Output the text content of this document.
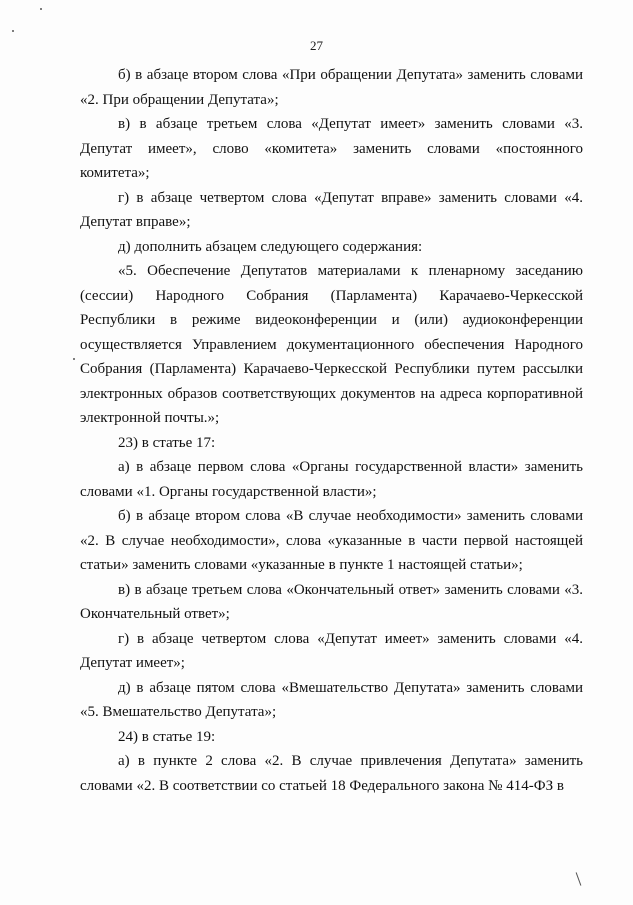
27

б) в абзаце втором слова «При обращении Депутата» заменить словами «2. При обращении Депутата»;

в) в абзаце третьем слова «Депутат имеет» заменить словами «3. Депутат имеет», слово «комитета» заменить словами «постоянного комитета»;

г) в абзаце четвертом слова «Депутат вправе» заменить словами «4. Депутат вправе»;

д) дополнить абзацем следующего содержания:

«5. Обеспечение Депутатов материалами к пленарному заседанию (сессии) Народного Собрания (Парламента) Карачаево-Черкесской Республики в режиме видеоконференции и (или) аудиоконференции осуществляется Управлением документационного обеспечения Народного Собрания (Парламента) Карачаево-Черкесской Республики путем рассылки электронных образов соответствующих документов на адреса корпоративной электронной почты.»;

23) в статье 17:

а) в абзаце первом слова «Органы государственной власти» заменить словами «1. Органы государственной власти»;

б) в абзаце втором слова «В случае необходимости» заменить словами «2. В случае необходимости», слова «указанные в части первой настоящей статьи» заменить словами «указанные в пункте 1 настоящей статьи»;

в) в абзаце третьем слова «Окончательный ответ» заменить словами «3. Окончательный ответ»;

г) в абзаце четвертом слова «Депутат имеет» заменить словами «4. Депутат имеет»;

д) в абзаце пятом слова «Вмешательство Депутата» заменить словами «5. Вмешательство Депутата»;

24) в статье 19:

а) в пункте 2 слова «2. В случае привлечения Депутата» заменить словами «2. В соответствии со статьей 18 Федерального закона № 414-ФЗ в
